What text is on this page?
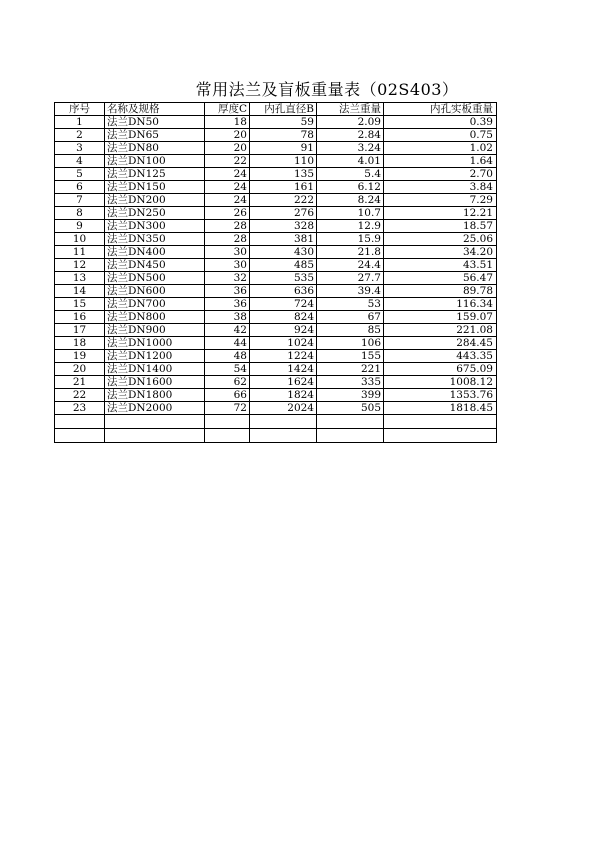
常用法兰及盲板重量表（02S403）
序号	名称及规格	厚度C	内孔直径B	法兰重量	内孔实板重量
1	法兰DN50	18	59	2.09	0.39
2	法兰DN65	20	78	2.84	0.75
3	法兰DN80	20	91	3.24	1.02
4	法兰DN100	22	110	4.01	1.64
5	法兰DN125	24	135	5.4	2.70
6	法兰DN150	24	161	6.12	3.84
7	法兰DN200	24	222	8.24	7.29
8	法兰DN250	26	276	10.7	12.21
9	法兰DN300	28	328	12.9	18.57
10	法兰DN350	28	381	15.9	25.06
11	法兰DN400	30	430	21.8	34.20
12	法兰DN450	30	485	24.4	43.51
13	法兰DN500	32	535	27.7	56.47
14	法兰DN600	36	636	39.4	89.78
15	法兰DN700	36	724	53	116.34
16	法兰DN800	38	824	67	159.07
17	法兰DN900	42	924	85	221.08
18	法兰DN1000	44	1024	106	284.45
19	法兰DN1200	48	1224	155	443.35
20	法兰DN1400	54	1424	221	675.09
21	法兰DN1600	62	1624	335	1008.12
22	法兰DN1800	66	1824	399	1353.76
23	法兰DN2000	72	2024	505	1818.45
